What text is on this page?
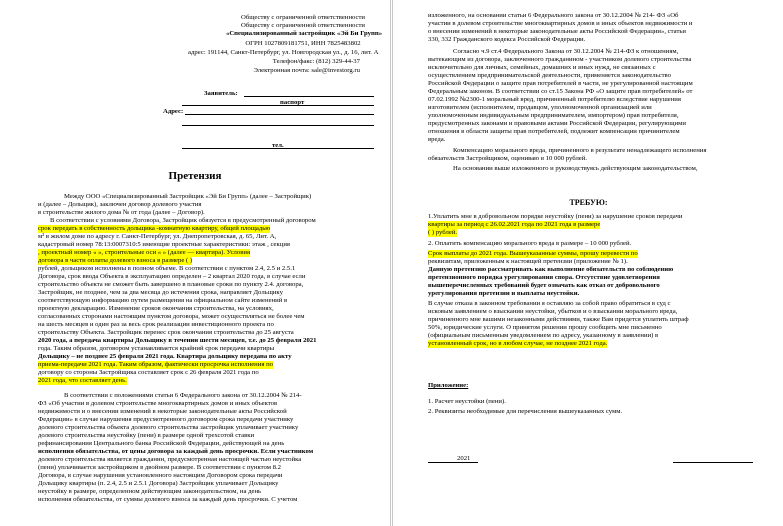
Обществу с ограниченной ответственности
Обществу с ограниченной ответственности
«Специализированный застройщик «Эй Би Групп»
ОГРН 1027809181751, ИНН 7825483802
адрес: 191144, Санкт-Петербург, ул. Новгородская ул., д. 16, лит. А
Телефон/факс: (812) 329-44-37
Электронная почта: sale@investorg.ru
Заявитель:
паспорт
Адрес:
тел.
Претензия
Между ООО «Специализированный Застройщик «Эй Би Групп» (далее – Застройщик)
и (далее – Дольщик), заключен договор долевого участия
в строительстве жилого дома № от года (далее – Договор).
В соответствии с условиями Договора, Застройщик обязуется в предусмотренный договором
срок передать в собственность дольщика -комнатную квартиру, общей площадью
м² в жилом доме по адресу г. Санкт-Петербург, ул. Днепропетровская, д. 65, Лит. А,
кадастровый номер 78:13:0007310:5 имеющие проектные характеристики: этаж , секция
, проектный номер « », строительные оси « » (далее — квартира). Условия
договора в части оплаты долевого взноса в размере ( )
рублей, дольщиком исполнены в полном объеме. В соответствии с пунктом 2.4, 2.5 и 2.5.1
Договора, срок ввода Объекта в эксплуатацию определен – 2 квартал 2020 года, в случае если
строительство объекта не сможет быть завершено в плановые сроки по пункту 2.4. договора,
Застройщик, не позднее, чем за два месяца до истечения срока, направляет Дольщику
соответствующую информацию путем размещения на официальном сайте изменений в
проектную декларацию. Изменение сроков окончания строительства, на условиях,
согласованных сторонами настоящим пунктом договора, может осуществляться не более чем
на шесть месяцев и один раз за весь срок реализации инвестиционного проекта по
строительству Объекта. Застройщик перенес срок окончания строительства до 25 августа
2020 года, а передача квартиры Дольщику в течении шести месяцев, т.е. до 25 февраля 2021
года. Таким образом, договором устанавливается крайний срок передачи квартиры
Дольщику – не позднее 25 февраля 2021 года. Квартира дольщику передана по акту
приема-передачи 2021 года. Таким образом, фактически просрочка исполнения по
договору со стороны Застройщика составляет срок с 26 февраля 2021 года по
2021 года, что составляет день.
В соответствии с положениями статьи 6 Федерального закона от 30.12.2004 № 214-
ФЗ «Об участии в долевом строительстве многоквартирных домов и иных объектов
недвижимости и о внесении изменений в некоторые законодательные акты Российской
Федерации» в случае нарушения предусмотренного договором срока передачи участнику
долевого строительства объекта долевого строительства застройщик уплачивает участнику
долевого строительства неустойку (пени) в размере одной трехсотой ставки
рефинансирования Центрального банка Российской Федерации, действующей на день
исполнения обязательства, от цены договора за каждый день просрочки. Если участником
долевого строительства является гражданин, предусмотренная настоящей частью неустойка
(пени) уплачивается застройщиком в двойном размере. В соответствии с пунктом 8.2
Договора, в случае нарушения установленного настоящим Договором срока передачи
Дольщику квартиры (п. 2.4, 2.5 и 2.5.1 Договора) Застройщик уплачивает Дольщику
неустойку в размере, определенном действующим законодательством, на день
исполнения обязательства, от суммы долевого взноса за каждый день просрочки. С учетом
изложенного, на основании статьи 6 Федерального закона от 30.12.2004 № 214- ФЗ «Об
участии в долевом строительстве многоквартирных домов и иных объектов недвижимости и
о внесении изменений в некоторые законодательные акты Российской Федерации», статьи
330, 332 Гражданского кодекса Российской Федерации.
Согласно ч.9 ст.4 Федерального Закона от 30.12.2004 № 214-ФЗ к отношениям,
вытекающим из договора, заключенного гражданином - участником долевого строительства
исключительно для личных, семейных, домашних и иных нужд, не связанных с
осуществлением предпринимательской деятельности, применяется законодательство
Российской Федерации о защите прав потребителей в части, не урегулированной настоящим
Федеральным законом. В соответствии со ст.15 Закона РФ «О защите прав потребителей» от
07.02.1992 №2300-1 моральный вред, причиненный потребителю вследствие нарушения
изготовителем (исполнителем, продавцом, уполномоченной организацией или
уполномоченным индивидуальным предпринимателем, импортером) прав потребителя,
предусмотренных законами и правовыми актами Российской Федерации, регулирующими
отношения в области защиты прав потребителей, подлежит компенсации причинителем
вреда.
Компенсацию морального вреда, причиненного в результате ненадлежащего исполнения
обязательств Застройщиком, оцениваю в 10 000 рублей.
На основании выше изложенного и руководствуясь действующим законодательством,
ТРЕБУЮ:
1.Уплатить мне в добровольном порядке неустойку (пени) за нарушение сроков передачи
квартиры за период с 26.02.2021 года по 2021 года в размере
( ) рублей.
2. Оплатить компенсацию морального вреда в размере – 10 000 рублей.
Срок выплаты до 2021 года. Вышеуказанные суммы, прошу перевести по
реквизитам, приложенным к настоящей претензии (приложение № 1).
Данную претензию рассматривать как выполнение обязательств по соблюдению
претензионного порядка урегулирования спора. Отсутствие удовлетворения
вышеперечисленных требований будет означать как отказ от добровольного
урегулирования претензии и выплаты неустойки.
В случае отказа в законном требовании я оставляю за собой право обратиться в суд с
исковым заявлением о взыскании неустойки, убытков и о взыскании морального вреда,
причиненного мне вашими незаконными действиями, также Вам придется уплатить штраф
50%, юридические услуги. О принятом решении прошу сообщить мне письменно
(официальным письменным уведомлением по адресу, указанному в заявлении) в
установленный срок, но в любом случае, не позднее 2021 года.
Приложение:
1. Расчет неустойки (пени).
2. Реквизиты необходимые для перечисления вышеуказанных сумм.
2021
